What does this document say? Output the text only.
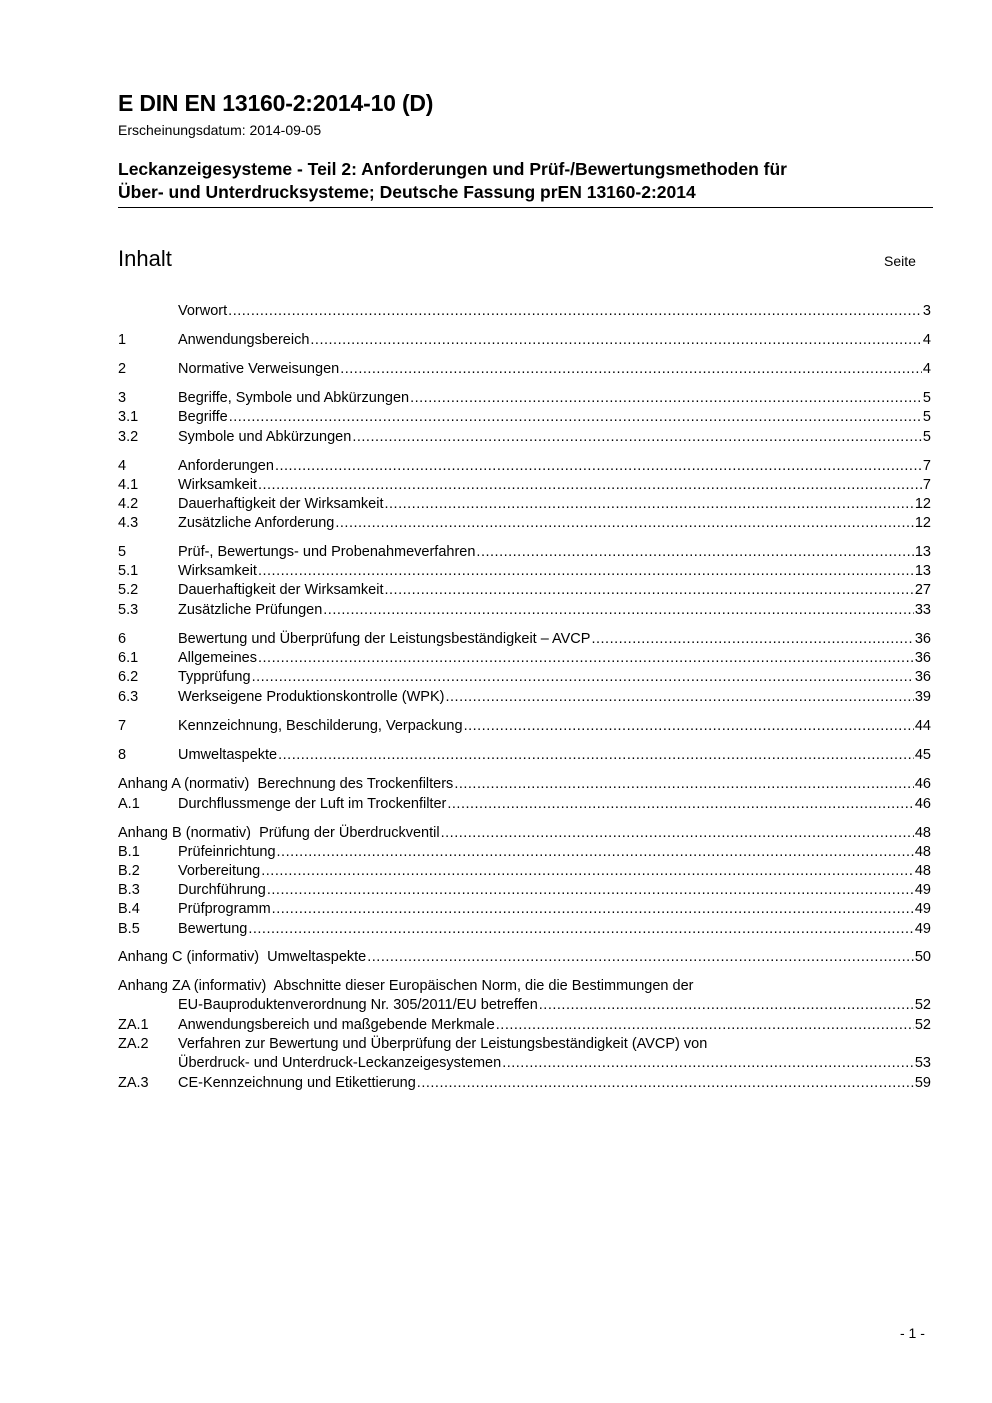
E DIN EN 13160-2:2014-10 (D)
Erscheinungsdatum: 2014-09-05
Leckanzeigesysteme - Teil 2: Anforderungen und Prüf-/Bewertungsmethoden für
Über- und Unterdrucksysteme; Deutsche Fassung prEN 13160-2:2014
Inhalt	Seite
Vorwort .....	3
1	Anwendungsbereich .....	4
2	Normative Verweisungen .....	4
3	Begriffe, Symbole und Abkürzungen .....	5
3.1	Begriffe .....	5
3.2	Symbole und Abkürzungen .....	5
4	Anforderungen .....	7
4.1	Wirksamkeit .....	7
4.2	Dauerhaftigkeit der Wirksamkeit .....	12
4.3	Zusätzliche Anforderung .....	12
5	Prüf-, Bewertungs- und Probenahmeverfahren .....	13
5.1	Wirksamkeit .....	13
5.2	Dauerhaftigkeit der Wirksamkeit .....	27
5.3	Zusätzliche Prüfungen .....	33
6	Bewertung und Überprüfung der Leistungsbeständigkeit – AVCP .....	36
6.1	Allgemeines .....	36
6.2	Typprüfung .....	36
6.3	Werkseigene Produktionskontrolle (WPK) .....	39
7	Kennzeichnung, Beschilderung, Verpackung .....	44
8	Umweltaspekte .....	45
Anhang A (normativ) Berechnung des Trockenfilters .....	46
A.1	Durchflussmenge der Luft im Trockenfilter .....	46
Anhang B (normativ) Prüfung der Überdruckventil .....	48
B.1	Prüfeinrichtung .....	48
B.2	Vorbereitung .....	48
B.3	Durchführung .....	49
B.4	Prüfprogramm .....	49
B.5	Bewertung .....	49
Anhang C (informativ) Umweltaspekte .....	50
Anhang ZA (informativ) Abschnitte dieser Europäischen Norm, die die Bestimmungen der
EU-Bauproduktenverordnung Nr. 305/2011/EU betreffen .....	52
ZA.1 Anwendungsbereich und maßgebende Merkmale .....	52
ZA.2 Verfahren zur Bewertung und Überprüfung der Leistungsbeständigkeit (AVCP) von
Überdruck- und Unterdruck-Leckanzeigesystemen .....	53
ZA.3 CE-Kennzeichnung und Etikettierung .....	59
- 1 -
